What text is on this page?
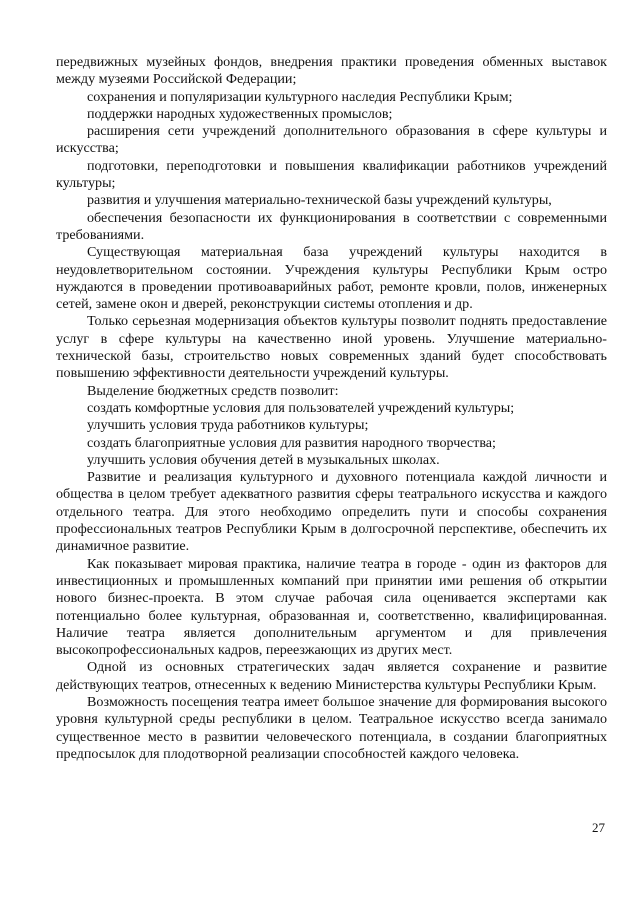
передвижных музейных фондов, внедрения практики проведения обменных выставок между музеями Российской Федерации;

сохранения и популяризации культурного наследия Республики Крым;

поддержки народных художественных промыслов;

расширения сети учреждений дополнительного образования в сфере культуры и искусства;

подготовки, переподготовки и повышения квалификации работников учреждений культуры;

развития и улучшения материально-технической базы учреждений культуры,

обеспечения безопасности их функционирования в соответствии с современными требованиями.

Существующая материальная база учреждений культуры находится в неудовлетворительном состоянии. Учреждения культуры Республики Крым остро нуждаются в проведении противоаварийных работ, ремонте кровли, полов, инженерных сетей, замене окон и дверей, реконструкции системы отопления и др.

Только серьезная модернизация объектов культуры позволит поднять предоставление услуг в сфере культуры на качественно иной уровень. Улучшение материально-технической базы, строительство новых современных зданий будет способствовать повышению эффективности деятельности учреждений культуры.

Выделение бюджетных средств позволит:

создать комфортные условия для пользователей учреждений культуры;

улучшить условия труда работников культуры;

создать благоприятные условия для развития народного творчества;

улучшить условия обучения детей в музыкальных школах.

Развитие и реализация культурного и духовного потенциала каждой личности и общества в целом требует адекватного развития сферы театрального искусства и каждого отдельного театра. Для этого необходимо определить пути и способы сохранения профессиональных театров Республики Крым в долгосрочной перспективе, обеспечить их динамичное развитие.

Как показывает мировая практика, наличие театра в городе - один из факторов для инвестиционных и промышленных компаний при принятии ими решения об открытии нового бизнес-проекта. В этом случае рабочая сила оценивается экспертами как потенциально более культурная, образованная и, соответственно, квалифицированная. Наличие театра является дополнительным аргументом и для привлечения высокопрофессиональных кадров, переезжающих из других мест.

Одной из основных стратегических задач является сохранение и развитие действующих театров, отнесенных к ведению Министерства культуры Республики Крым.

Возможность посещения театра имеет большое значение для формирования высокого уровня культурной среды республики в целом. Театральное искусство всегда занимало существенное место в развитии человеческого потенциала, в создании благоприятных предпосылок для плодотворной реализации способностей каждого человека.

27
